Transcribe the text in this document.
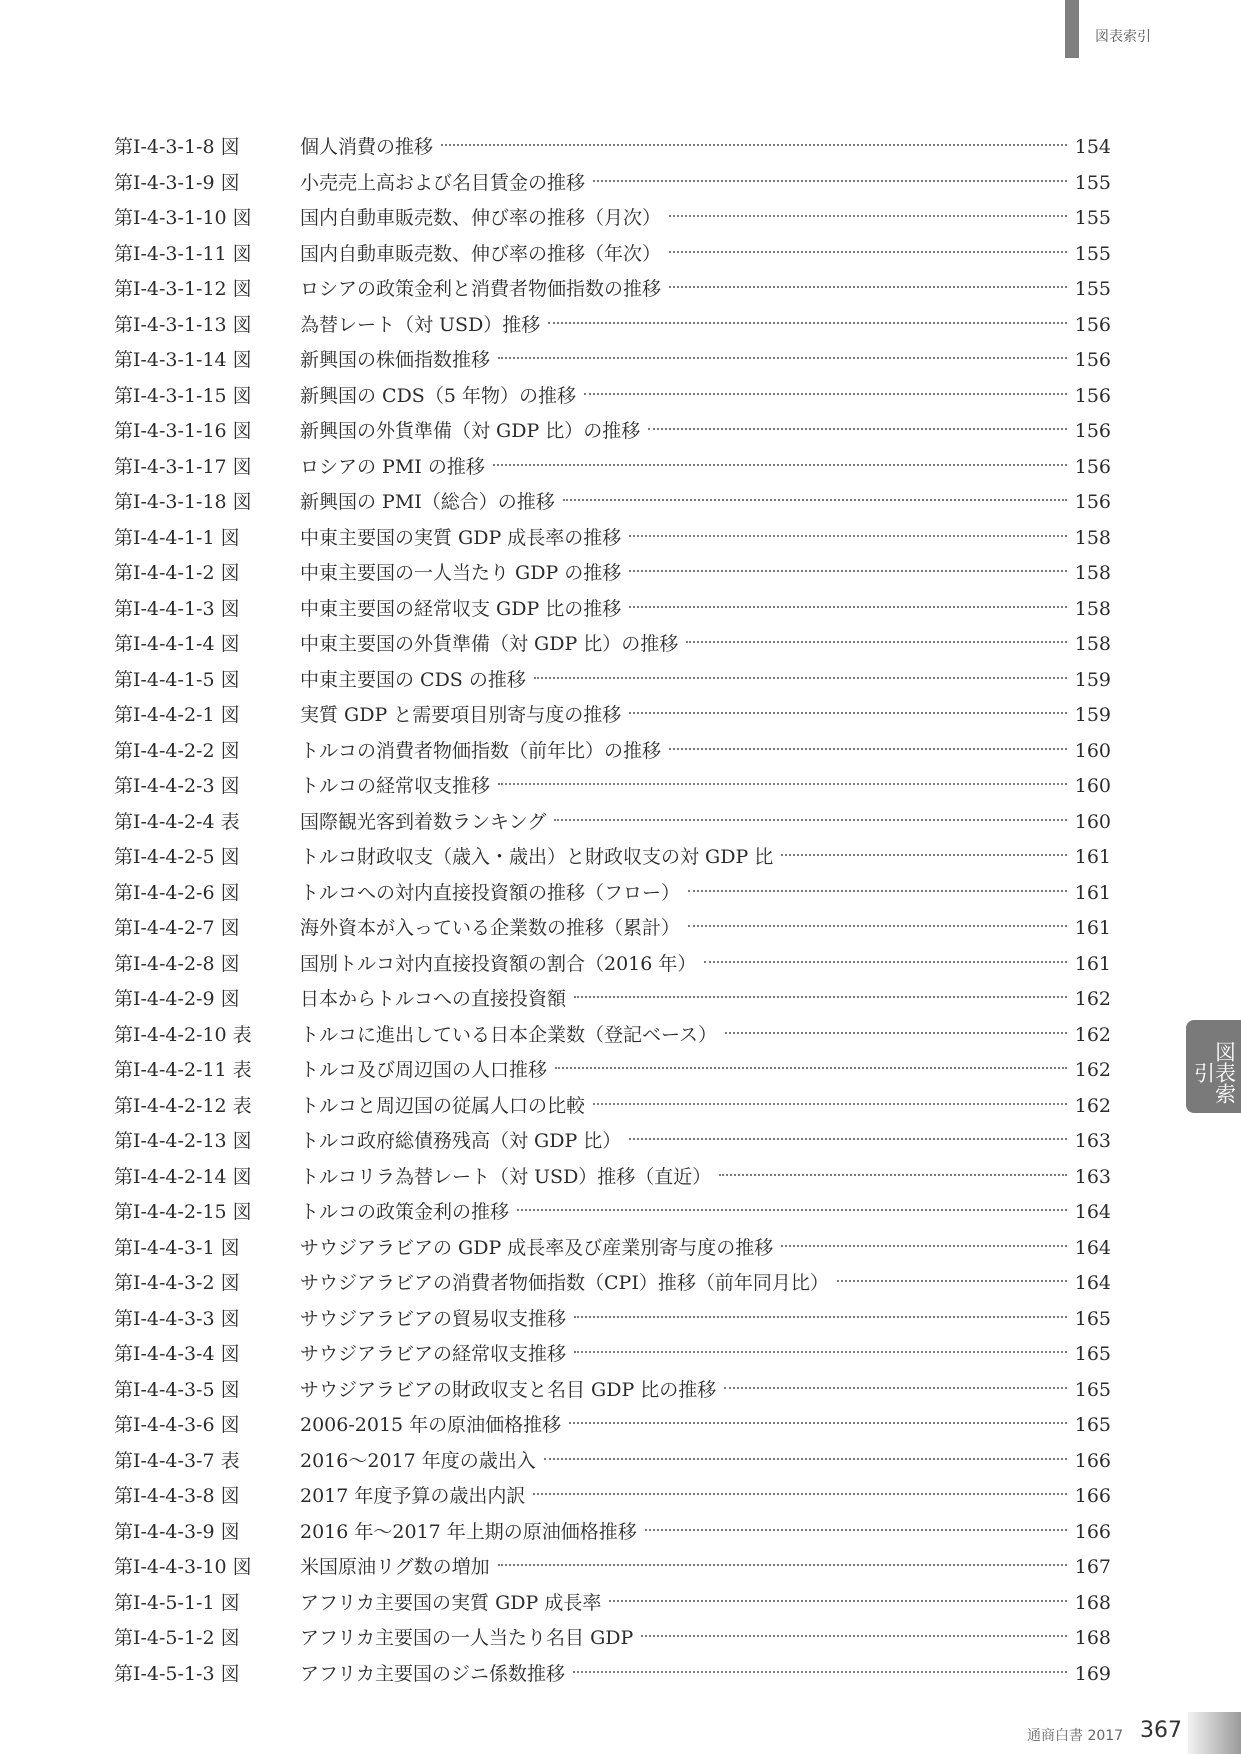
図表索引
図表索引
第Ⅰ-4-3-1-8 図	個人消費の推移	154
第Ⅰ-4-3-1-9 図	小売売上高および名目賃金の推移	155
第Ⅰ-4-3-1-10 図	国内自動車販売数、伸び率の推移（月次）	155
第Ⅰ-4-3-1-11 図	国内自動車販売数、伸び率の推移（年次）	155
第Ⅰ-4-3-1-12 図	ロシアの政策金利と消費者物価指数の推移	155
第Ⅰ-4-3-1-13 図	為替レート（対 USD）推移	156
第Ⅰ-4-3-1-14 図	新興国の株価指数推移	156
第Ⅰ-4-3-1-15 図	新興国の CDS（5 年物）の推移	156
第Ⅰ-4-3-1-16 図	新興国の外貨準備（対 GDP 比）の推移	156
第Ⅰ-4-3-1-17 図	ロシアの PMI の推移	156
第Ⅰ-4-3-1-18 図	新興国の PMI（総合）の推移	156
第Ⅰ-4-4-1-1 図	中東主要国の実質 GDP 成長率の推移	158
第Ⅰ-4-4-1-2 図	中東主要国の一人当たり GDP の推移	158
第Ⅰ-4-4-1-3 図	中東主要国の経常収支 GDP 比の推移	158
第Ⅰ-4-4-1-4 図	中東主要国の外貨準備（対 GDP 比）の推移	158
第Ⅰ-4-4-1-5 図	中東主要国の CDS の推移	159
第Ⅰ-4-4-2-1 図	実質 GDP と需要項目別寄与度の推移	159
第Ⅰ-4-4-2-2 図	トルコの消費者物価指数（前年比）の推移	160
第Ⅰ-4-4-2-3 図	トルコの経常収支推移	160
第Ⅰ-4-4-2-4 表	国際観光客到着数ランキング	160
第Ⅰ-4-4-2-5 図	トルコ財政収支（歳入・歳出）と財政収支の対 GDP 比	161
第Ⅰ-4-4-2-6 図	トルコへの対内直接投資額の推移（フロー）	161
第Ⅰ-4-4-2-7 図	海外資本が入っている企業数の推移（累計）	161
第Ⅰ-4-4-2-8 図	国別トルコ対内直接投資額の割合（2016 年）	161
第Ⅰ-4-4-2-9 図	日本からトルコへの直接投資額	162
第Ⅰ-4-4-2-10 表	トルコに進出している日本企業数（登記ベース）	162
第Ⅰ-4-4-2-11 表	トルコ及び周辺国の人口推移	162
第Ⅰ-4-4-2-12 表	トルコと周辺国の従属人口の比較	162
第Ⅰ-4-4-2-13 図	トルコ政府総債務残高（対 GDP 比）	163
第Ⅰ-4-4-2-14 図	トルコリラ為替レート（対 USD）推移（直近）	163
第Ⅰ-4-4-2-15 図	トルコの政策金利の推移	164
第Ⅰ-4-4-3-1 図	サウジアラビアの GDP 成長率及び産業別寄与度の推移	164
第Ⅰ-4-4-3-2 図	サウジアラビアの消費者物価指数（CPI）推移（前年同月比）	164
第Ⅰ-4-4-3-3 図	サウジアラビアの貿易収支推移	165
第Ⅰ-4-4-3-4 図	サウジアラビアの経常収支推移	165
第Ⅰ-4-4-3-5 図	サウジアラビアの財政収支と名目 GDP 比の推移	165
第Ⅰ-4-4-3-6 図	2006-2015 年の原油価格推移	165
第Ⅰ-4-4-3-7 表	2016～2017 年度の歳出入	166
第Ⅰ-4-4-3-8 図	2017 年度予算の歳出内訳	166
第Ⅰ-4-4-3-9 図	2016 年～2017 年上期の原油価格推移	166
第Ⅰ-4-4-3-10 図	米国原油リグ数の増加	167
第Ⅰ-4-5-1-1 図	アフリカ主要国の実質 GDP 成長率	168
第Ⅰ-4-5-1-2 図	アフリカ主要国の一人当たり名目 GDP	168
第Ⅰ-4-5-1-3 図	アフリカ主要国のジニ係数推移	169
通商白書 2017 367
